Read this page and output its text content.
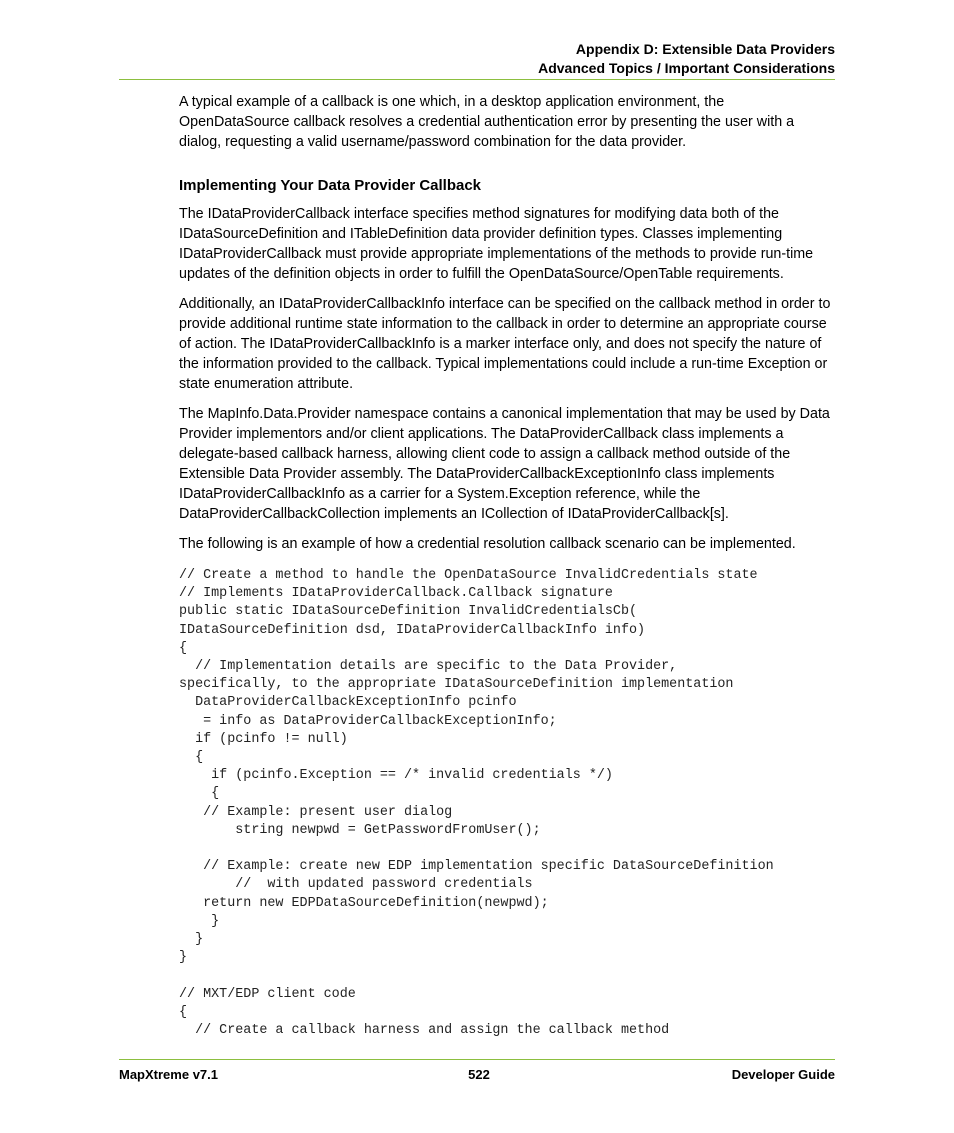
Appendix D: Extensible Data Providers
Advanced Topics / Important Considerations

A typical example of a callback is one which, in a desktop application environment, the OpenDataSource callback resolves a credential authentication error by presenting the user with a dialog, requesting a valid username/password combination for the data provider.

Implementing Your Data Provider Callback

The IDataProviderCallback interface specifies method signatures for modifying data both of the IDataSourceDefinition and ITableDefinition data provider definition types. Classes implementing IDataProviderCallback must provide appropriate implementations of the methods to provide run-time updates of the definition objects in order to fulfill the OpenDataSource/OpenTable requirements.

Additionally, an IDataProviderCallbackInfo interface can be specified on the callback method in order to provide additional runtime state information to the callback in order to determine an appropriate course of action. The IDataProviderCallbackInfo is a marker interface only, and does not specify the nature of the information provided to the callback. Typical implementations could include a run-time Exception or state enumeration attribute.

The MapInfo.Data.Provider namespace contains a canonical implementation that may be used by Data Provider implementors and/or client applications. The DataProviderCallback class implements a delegate-based callback harness, allowing client code to assign a callback method outside of the Extensible Data Provider assembly. The DataProviderCallbackExceptionInfo class implements IDataProviderCallbackInfo as a carrier for a System.Exception reference, while the DataProviderCallbackCollection implements an ICollection of IDataProviderCallback[s].

The following is an example of how a credential resolution callback scenario can be implemented.

// Create a method to handle the OpenDataSource InvalidCredentials state
// Implements IDataProviderCallback.Callback signature
public static IDataSourceDefinition InvalidCredentialsCb(
IDataSourceDefinition dsd, IDataProviderCallbackInfo info)
{
// Implementation details are specific to the Data Provider,
specifically, to the appropriate IDataSourceDefinition implementation
DataProviderCallbackExceptionInfo pcinfo
= info as DataProviderCallbackExceptionInfo;
if (pcinfo != null)
{
if (pcinfo.Exception == /* invalid credentials */)
{
// Example: present user dialog
string newpwd = GetPasswordFromUser();

// Example: create new EDP implementation specific DataSourceDefinition
//  with updated password credentials
return new EDPDataSourceDefinition(newpwd);
}
}
}

// MXT/EDP client code
{
// Create a callback harness and assign the callback method
MapXtreme v7.1	522	Developer Guide
